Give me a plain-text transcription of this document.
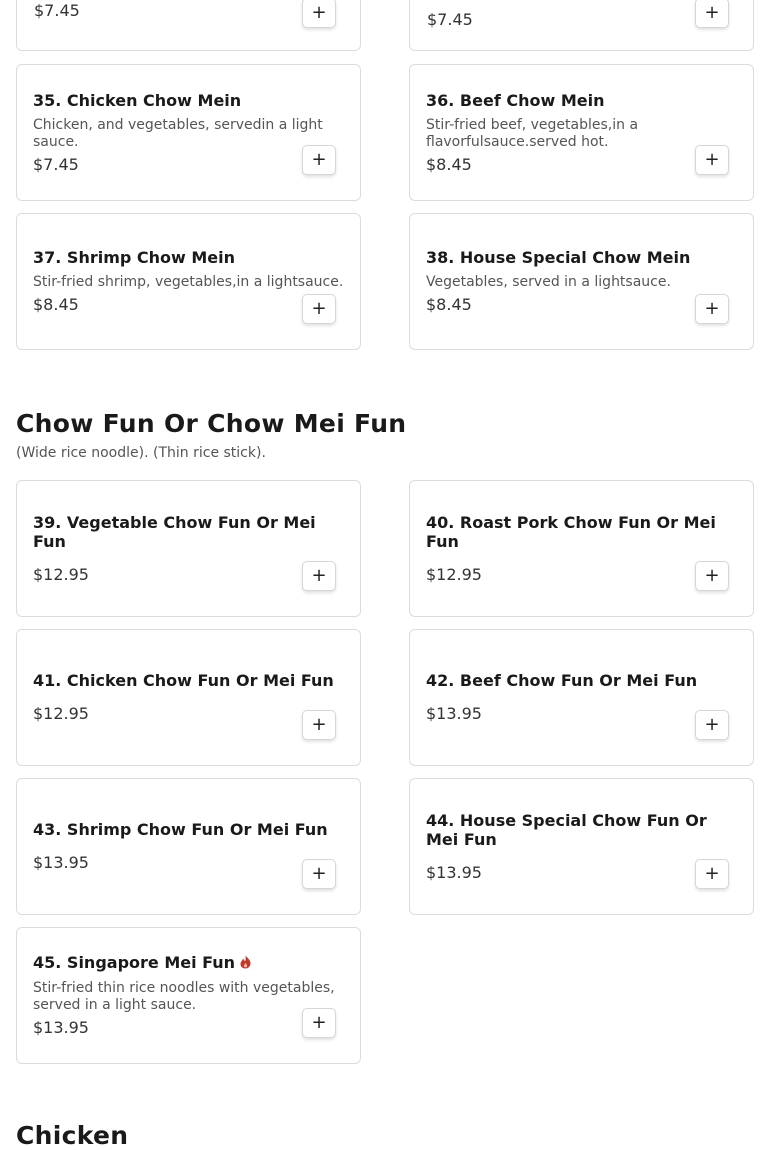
$7.45	+	$7.45	+
35. Chicken Chow Mein
Chicken, and vegetables, servedin a light sauce.
$7.45	+
36. Beef Chow Mein
Stir-fried beef, vegetables,in a flavorfulsauce.served hot.
$8.45	+
37. Shrimp Chow Mein
Stir-fried shrimp, vegetables,in a lightsauce.
$8.45	+
38. House Special Chow Mein
Vegetables, served in a lightsauce.
$8.45	+
Chow Fun Or Chow Mei Fun
(Wide rice noodle). (Thin rice stick).
39. Vegetable Chow Fun Or Mei Fun
$12.95	+
40. Roast Pork Chow Fun Or Mei Fun
$12.95	+
41. Chicken Chow Fun Or Mei Fun
$12.95
+
42. Beef Chow Fun Or Mei Fun
$13.95
+
43. Shrimp Chow Fun Or Mei Fun
$13.95
+
44. House Special Chow Fun Or Mei Fun
$13.95	+
45. Singapore Mei Fun
Stir-fried thin rice noodles with vegetables, served in a light sauce.
$13.95	+
Chicken
